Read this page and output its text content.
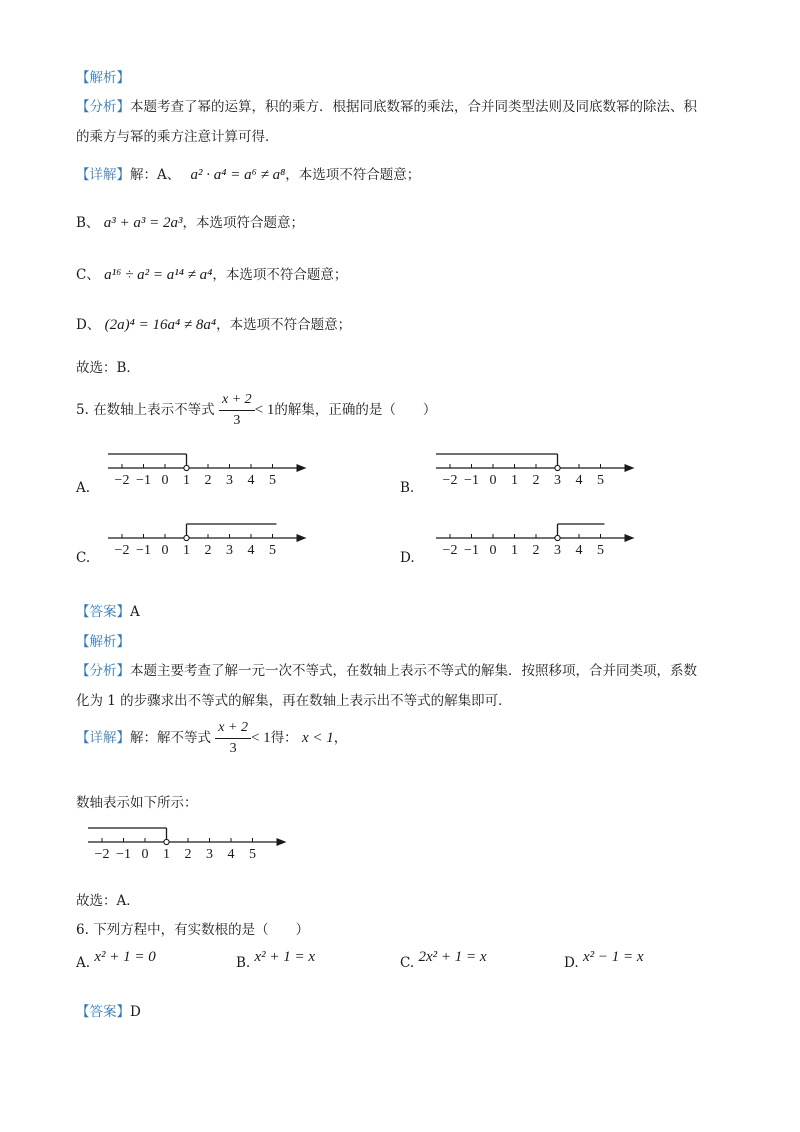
【解析】
【分析】本题考查了幂的运算，积的乘方．根据同底数幂的乘法，合并同类型法则及同底数幂的除法、积
的乘方与幂的乘方注意计算可得．
【详解】解：A、 a² · a⁴ = a⁶ ≠ a⁸，本选项不符合题意；
B、 a³ + a³ = 2a³，本选项符合题意；
C、 a¹⁶ ÷ a² = a¹⁴ ≠ a⁴，本选项不符合题意；
D、 (2a)⁴ = 16a⁴ ≠ 8a⁴，本选项不符合题意；
故选：B．
5. 在数轴上表示不等式 $\frac{x + 2}{3} < 1$的解集，正确的是（　　）
A. −2 −1 0 1 2 3 4 5	B. −2 −1 0 1 2 3 4 5
C. −2 −1 0 1 2 3 4 5	D. −2 −1 0 1 2 3 4 5
【答案】A
【解析】
【分析】本题主要考查了解一元一次不等式，在数轴上表示不等式的解集．按照移项，合并同类项，系数
化为 1 的步骤求出不等式的解集，再在数轴上表示出不等式的解集即可．
【详解】解：解不等式 $\frac{x + 2}{3} < 1$得： x < 1，
数轴表示如下所示：
−2 −1 0 1 2 3 4 5
故选：A．
6. 下列方程中，有实数根的是（　　）
A. x² + 1 = 0	B. x² + 1 = x	C. 2x² + 1 = x	D. x² − 1 = x
【答案】D
